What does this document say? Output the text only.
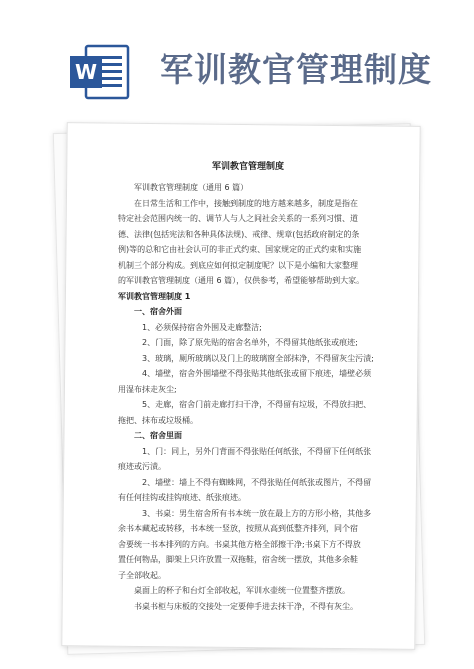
W 军训教官管理制度
军训教官管理制度

军训教官管理制度（通用 6 篇）

在日常生活和工作中，接触到制度的地方越来越多，制度是指在

特定社会范围内统一的、调节人与人之间社会关系的一系列习惯、道

德、法律(包括宪法和各种具体法规)、戒律、规章(包括政府制定的条

例)等的总和它由社会认可的非正式约束、国家规定的正式约束和实施

机制三个部分构成。到底应如何拟定制度呢？以下是小编和大家整理

的军训教官管理制度（通用 6 篇），仅供参考，希望能够帮助到大家。

军训教官管理制度 1

一、宿舍外面

1、必须保持宿舍外围及走廊整洁;

2、门面，除了原先贴的宿舍名单外，不得留其他纸张或痕迹;

3、玻璃，厕所玻璃以及门上的玻璃窗全部抹净，不得留灰尘污渍;

4、墙壁，宿舍外围墙壁不得张贴其他纸张或留下痕迹，墙壁必须

用湿布抹走灰尘;

5、走廊，宿舍门前走廊打扫干净，不得留有垃圾，不得放扫把、

拖把、抹布或垃圾桶。

二、宿舍里面

1、门：同上，另外门背面不得张贴任何纸张，不得留下任何纸张

痕迹或污渍。

2、墙壁：墙上不得有蜘蛛网，不得张贴任何纸张或图片，不得留

有任何挂钩或挂钩痕迹、纸张痕迹。

3、书桌：男生宿舍所有书本统一放在最上方的方形小格，其他多

余书本藏起或转移，书本统一竖放，按照从高到低整齐排列，同个宿

舍要统一书本排列的方向。书桌其他方格全部擦干净;书桌下方不得放

置任何物品，脚架上只许放置一双拖鞋，宿舍统一摆放，其他多余鞋

子全部收起。

桌面上的杯子和台灯全部收起，军训水壶统一位置整齐摆放。

书桌书柜与床板的交接处一定要伸手进去抹干净，不得有灰尘。
